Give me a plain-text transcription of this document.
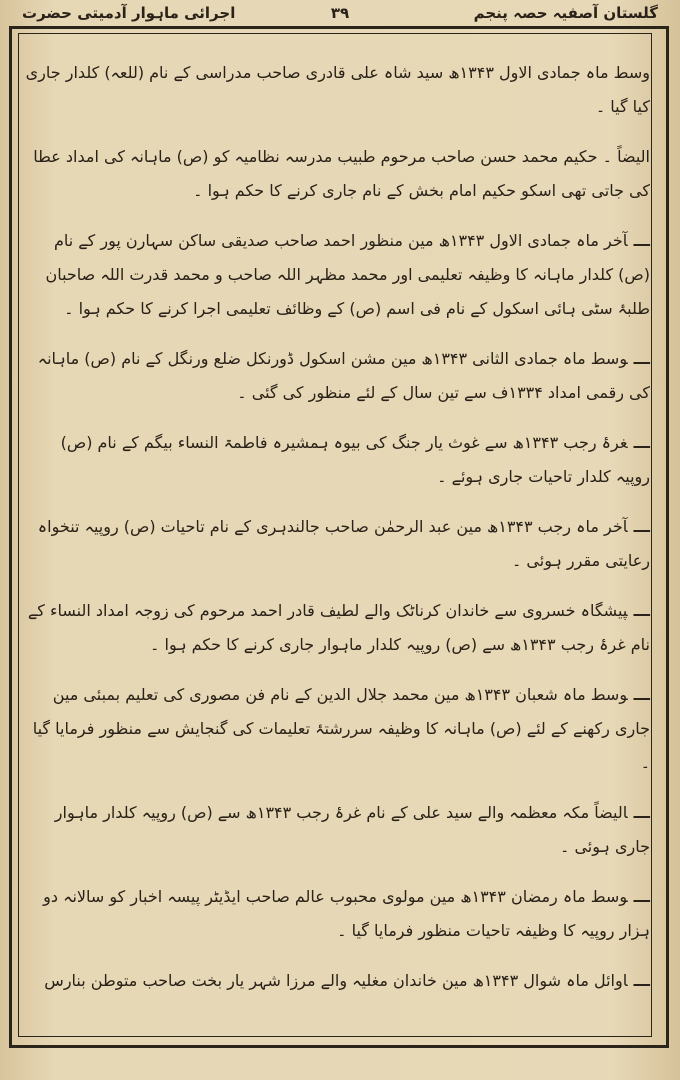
گلستان آصفیہ حصہ پنجم
۳۹
اجرائی ماہوار آدمیتی حضرت

وسط ماہ جمادی الاول ۱۳۴۳ھ سید شاہ علی قادری صاحب مدراسی کے نام (للعہ) کلدار جاری کیا گیا ۔

الیضاً ۔ حکیم محمد حسن صاحب مرحوم طبیب مدرسہ نظامیہ کو (ص) ماہانہ کی امداد عطا کی جاتی تھی اسکو حکیم امام بخش کے نام جاری کرنے کا حکم ہوا ۔

ـــآخر ماہ جمادی الاول ۱۳۴۳ھ مین منظور احمد صاحب صدیقی ساکن سہارن پور کے نام (ص) کلدار ماہانہ کا وظیفہ تعلیمی اور محمد مظہر اللہ صاحب و محمد قدرت اللہ صاحبان طلبۂ سٹی ہائی اسکول کے نام فی اسم (ص) کے وظائف تعلیمی اجرا کرنے کا حکم ہوا ۔

ـــوسط ماہ جمادی الثانی ۱۳۴۳ھ مین مشن اسکول ڈورنکل ضلع ورنگل کے نام (ص) ماہانہ کی رقمی امداد ۱۳۳۴ف سے تین سال کے لئے منظور کی گئی ۔

ـــغرۂ رجب ۱۳۴۳ھ سے غوث یار جنگ کی بیوہ ہمشیرہ فاطمۃ النساء بیگم کے نام (ص) روپیہ کلدار تاحیات جاری ہوئے ۔

ـــآخر ماہ رجب ۱۳۴۳ھ مین عبد الرحمٰن صاحب جالندہری کے نام تاحیات (ص) روپیہ تنخواہ رعایتی مقرر ہوئی ۔

ـــپیشگاہ خسروی سے خاندان کرناٹک والے لطیف قادر احمد مرحوم کی زوجہ امداد النساء کے نام غرۂ رجب ۱۳۴۳ھ سے (ص) روپیہ کلدار ماہوار جاری کرنے کا حکم ہوا ۔

ـــوسط ماہ شعبان ۱۳۴۳ھ مین محمد جلال الدین کے نام فن مصوری کی تعلیم بمبئی مین جاری رکھنے کے لئے (ص) ماہانہ کا وظیفہ سررشتۂ تعلیمات کی گنجایش سے منظور فرمایا گیا ۔

ـــالیضاً مکہ معظمہ والے سید علی کے نام غرۂ رجب ۱۳۴۳ھ سے (ص) روپیہ کلدار ماہوار جاری ہوئی ۔

ـــوسط ماہ رمضان ۱۳۴۳ھ مین مولوی محبوب عالم صاحب ایڈیٹر پیسہ اخبار کو سالانہ دو ہزار روپیہ کا وظیفہ تاحیات منظور فرمایا گیا ۔

ـــاوائل ماہ شوال ۱۳۴۳ھ مین خاندان مغلیہ والے مرزا شہر یار بخت صاحب متوطن بنارس
